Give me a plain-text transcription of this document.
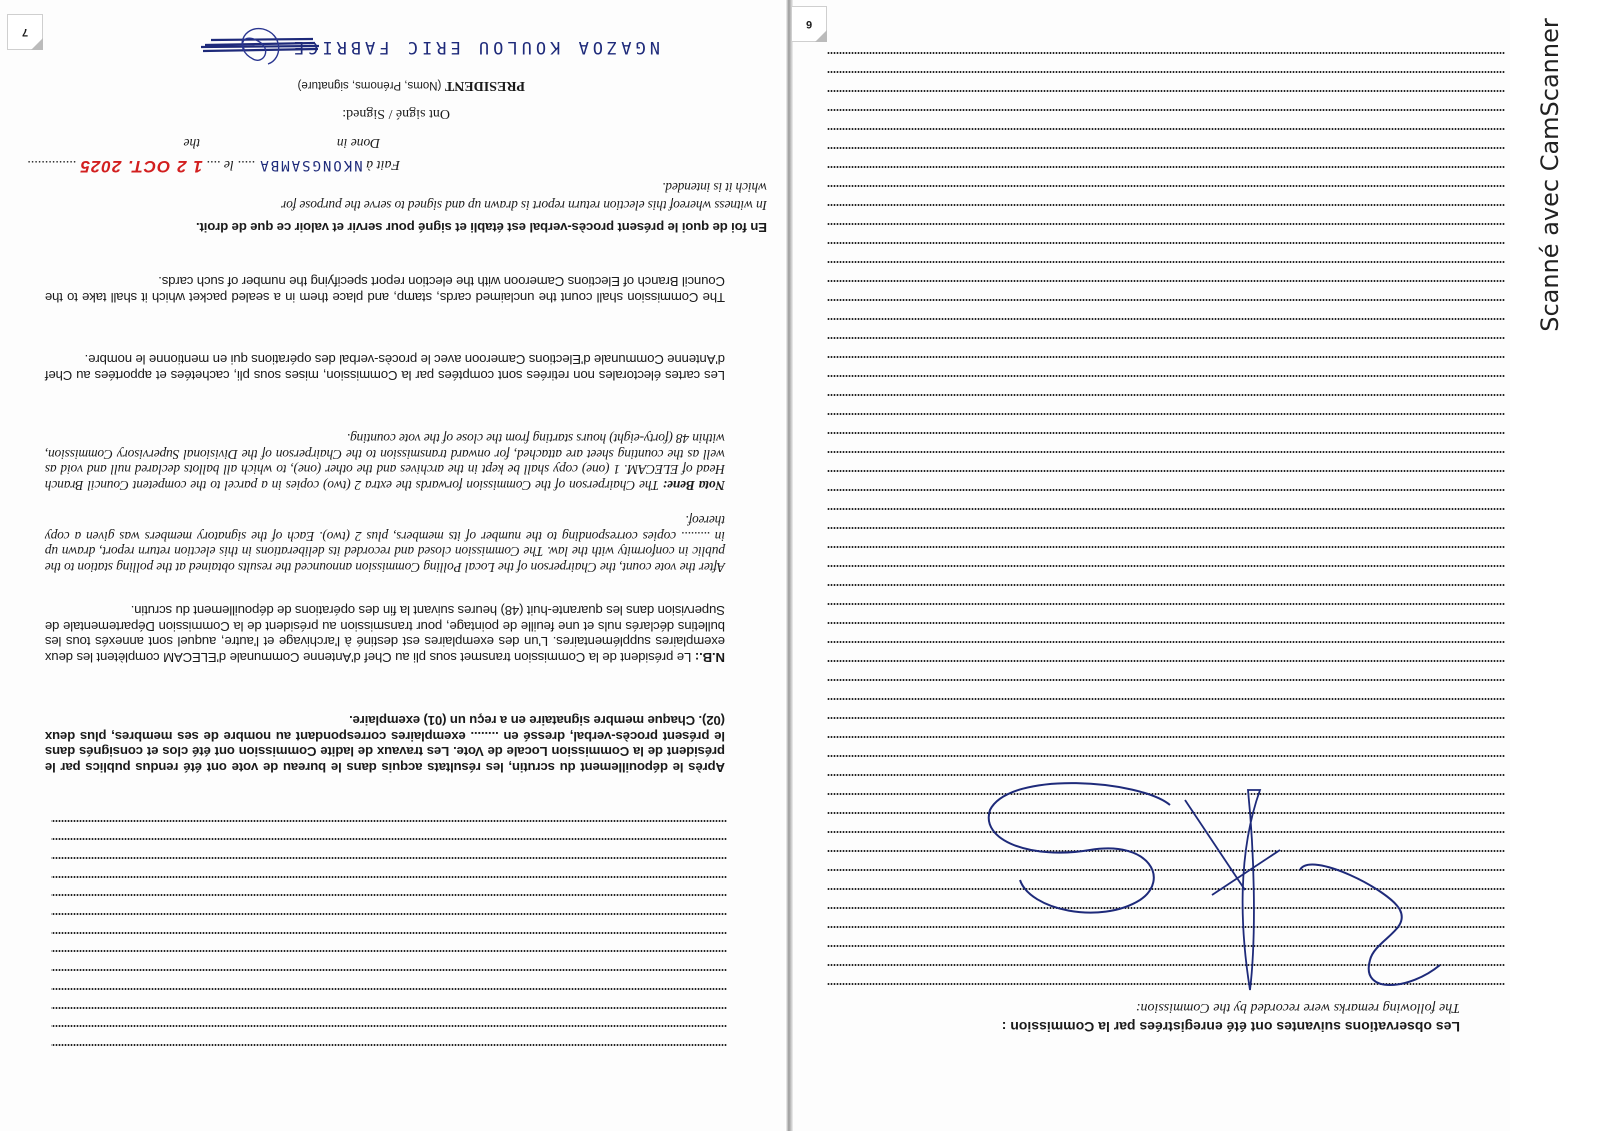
Après le dépouillement du scrutin, les résultats acquis dans le bureau de vote ont été rendus publics par le président de la Commission Locale de Vote. Les travaux de ladite Commission ont été clos et consignés dans le présent procès-verbal, dressé en ........ exemplaires correspondant au nombre de ses membres, plus deux (02). Chaque membre signataire en a reçu un (01) exemplaire.
N.B.: Le président de la Commission transmet sous pli au Chef d'Antenne Communale d'ELECAM complètent les deux exemplaires supplémentaires. L'un des exemplaires est destiné à l'archivage et l'autre, auquel sont annexés tous les bulletins déclarés nuls et une feuille de pointage, pour transmission au président de la Commission Départementale de Supervision dans les quarante-huit (48) heures suivant la fin des opérations de dépouillement du scrutin.
After the vote count, the Chairperson of the Local Polling Commission announced the results obtained at the polling station to the public in conformity with the law. The Commission closed and recorded its deliberations in this election return report, drawn up in ......... copies corresponding to the number of its members, plus 2 (two). Each of the signatory members was given a copy thereof.
Nota Bene: The Chairperson of the Commission forwards the extra 2 (two) copies in a parcel to the competent Council Branch Head of ELECAM. 1 (one) copy shall be kept in the archives and the other (one), to which all ballots declared null and void as well as the counting sheet are attached, for onward transmission to the Chairperson of the Divisional Supervisory Commission, within 48 (forty-eight) hours starting from the close of the vote counting.
Les cartes électorales non retirées sont comptées par la Commission, mises sous pli, cachetées et apportées au Chef d'Antenne Communale d'Elections Cameroon avec le procès-verbal des opérations qui en mentionne le nombre.
The Commission shall count the unclaimed cards, stamp, and place them in a sealed packet which it shall take to the Council Branch of Elections Cameroon with the election report specifying the number of such cards.
En foi de quoi le présent procès-verbal est établi et signé pour servir et valoir ce que de droit.
In witness whereof this election return report is drawn up and signed to serve the purpose for
which it is intended.
Fait à NKONGSAMBA ..... le .... 1 2 OCT. 2025 ..............
Done in
the
Ont signé / Signed:
PRESIDENT (Noms, Prénoms, signature)
NGAZOA KOULOU ERIC FABRICE
7
Les observations suivantes ont été enregistrées par la Commission :
The following remarks were recorded by the Commission:
6	Scanné avec CamScanner
